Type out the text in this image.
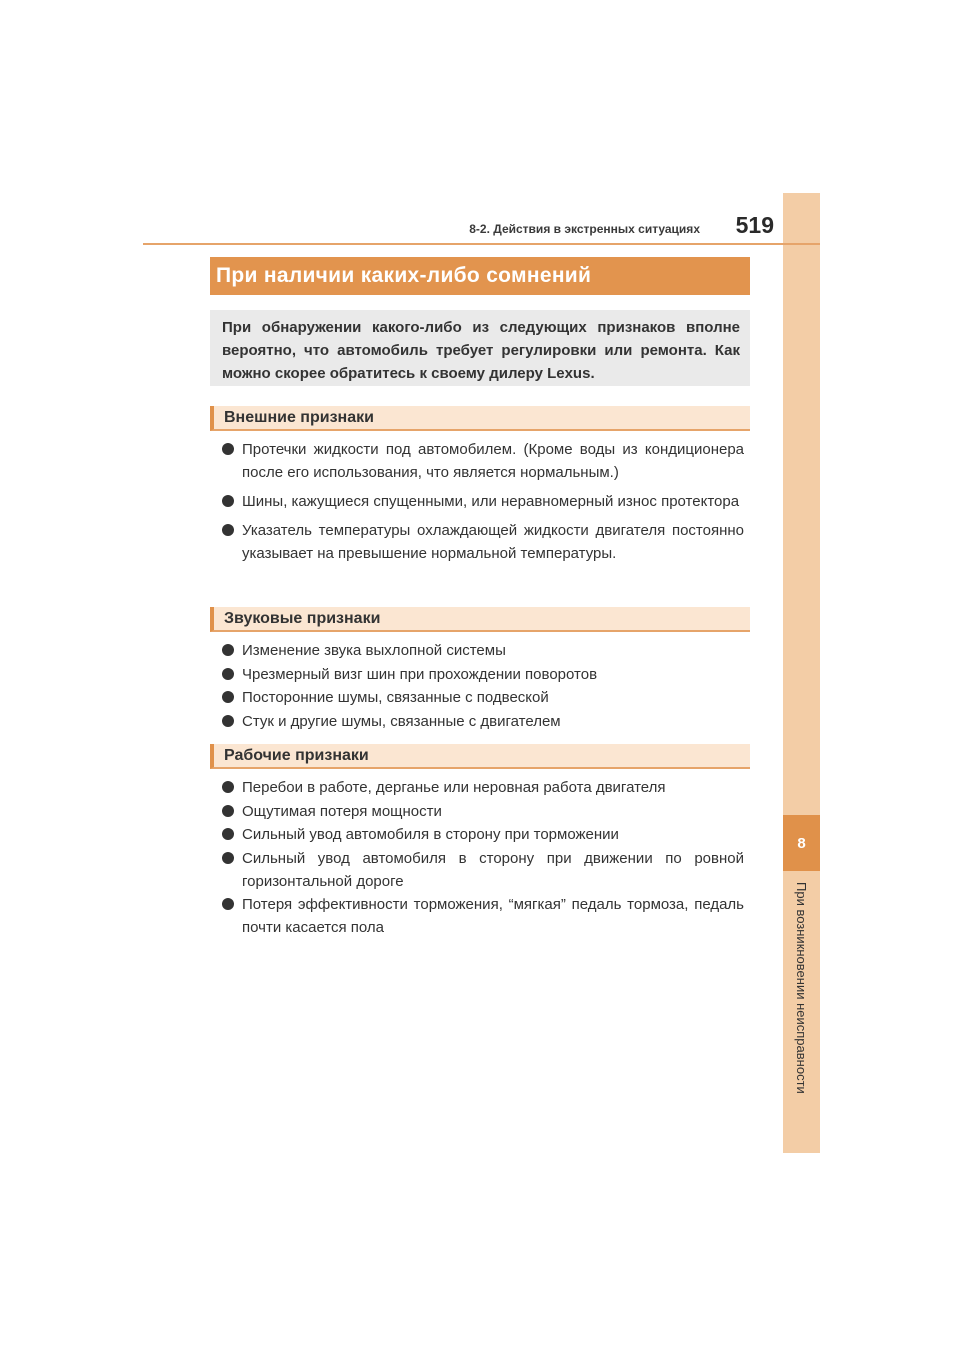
8
При возникновении неисправности
8-2. Действия в экстренных ситуациях	519
При наличии каких-либо сомнений
При обнаружении какого-либо из следующих признаков вполне вероятно, что автомобиль требует регулировки или ремонта. Как можно скорее обратитесь к своему дилеру Lexus.
Внешние признаки
Протечки жидкости под автомобилем. (Кроме воды из кондиционера после его использования, что является нормальным.)
Шины, кажущиеся спущенными, или неравномерный износ протектора
Указатель температуры охлаждающей жидкости двигателя постоянно указывает на превышение нормальной температуры.
Звуковые признаки
Изменение звука выхлопной системы
Чрезмерный визг шин при прохождении поворотов
Посторонние шумы, связанные с подвеской
Стук и другие шумы, связанные с двигателем
Рабочие признаки
Перебои в работе, дерганье или неровная работа двигателя
Ощутимая потеря мощности
Сильный увод автомобиля в сторону при торможении
Сильный увод автомобиля в сторону при движении по ровной горизонтальной дороге
Потеря эффективности торможения, “мягкая” педаль тормоза, педаль почти касается пола
